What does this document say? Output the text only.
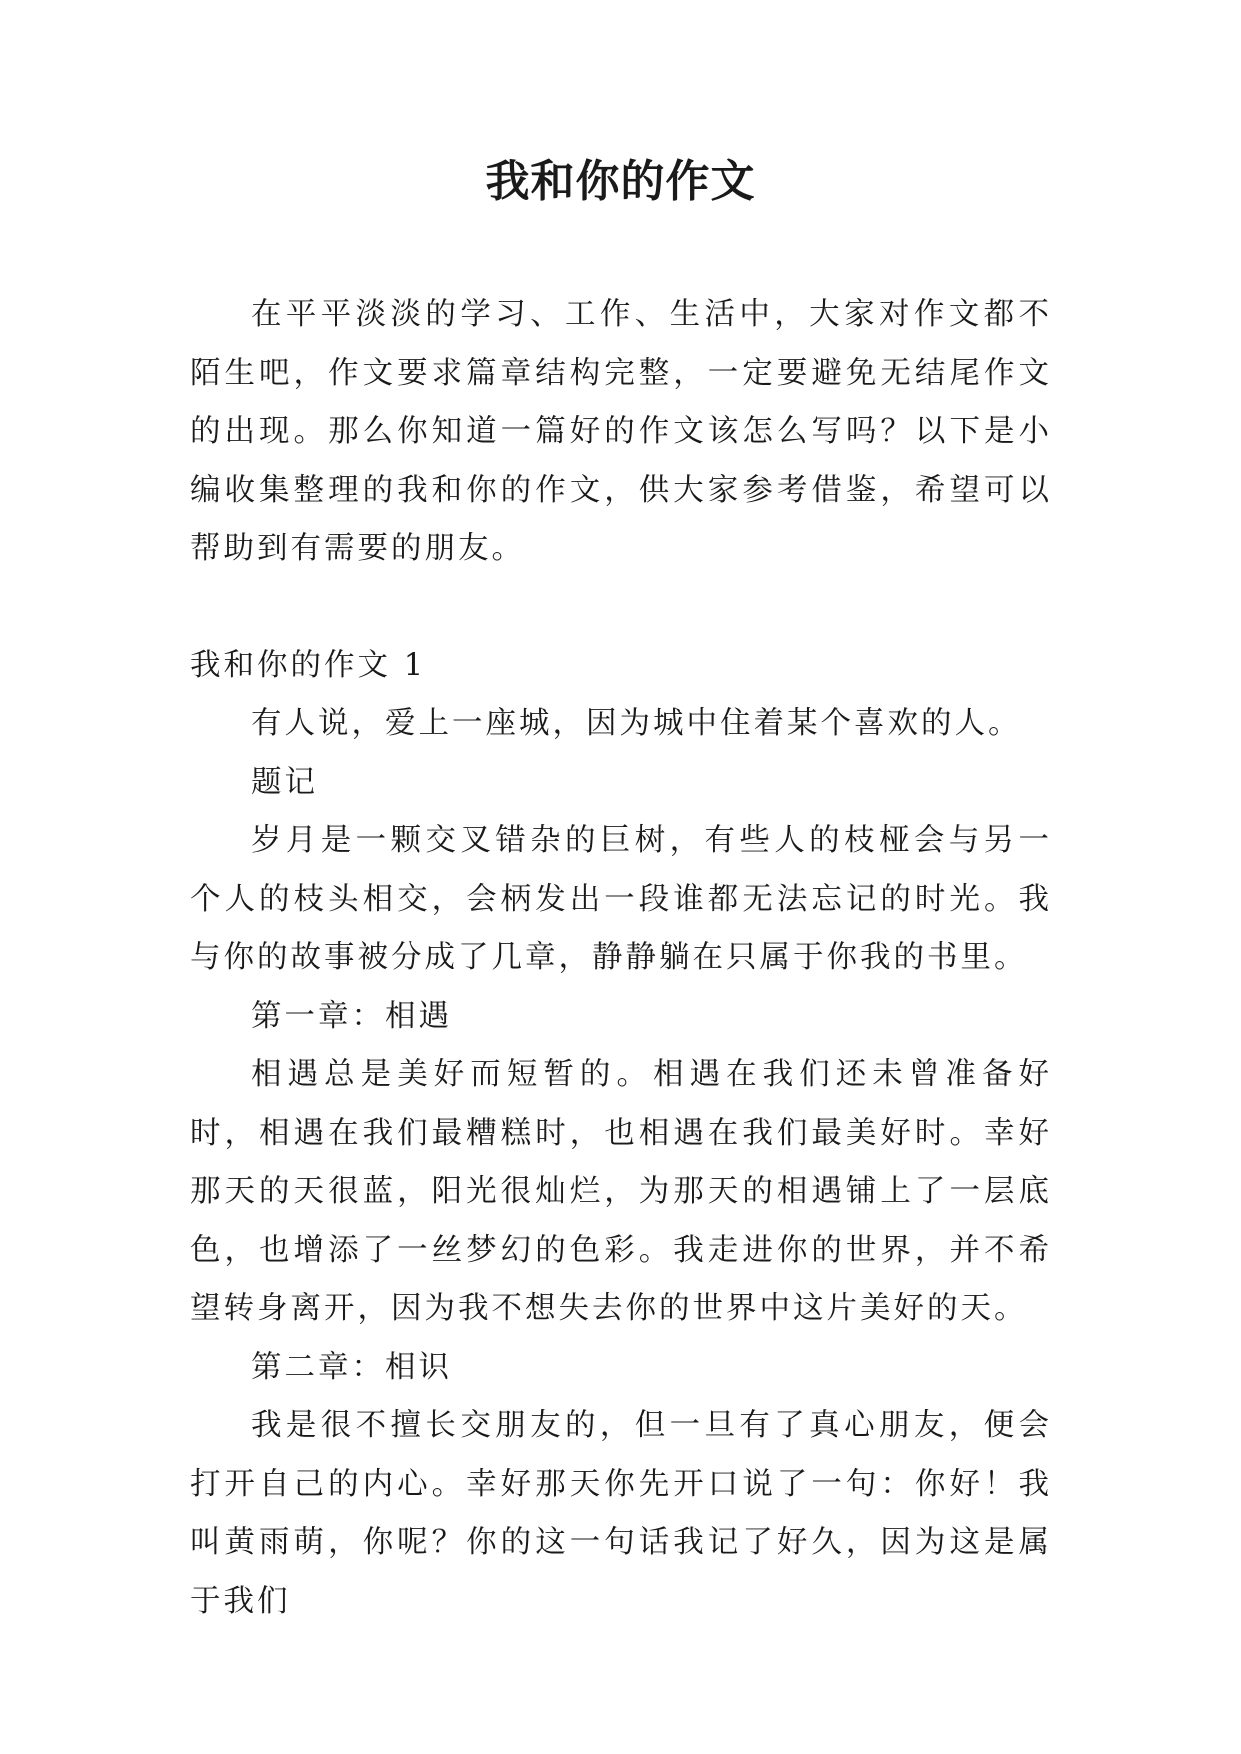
我和你的作文

在平平淡淡的学习、工作、生活中，大家对作文都不陌生吧，作文要求篇章结构完整，一定要避免无结尾作文的出现。那么你知道一篇好的作文该怎么写吗？以下是小编收集整理的我和你的作文，供大家参考借鉴，希望可以帮助到有需要的朋友。

我和你的作文 1

有人说，爱上一座城，因为城中住着某个喜欢的人。

题记

岁月是一颗交叉错杂的巨树，有些人的枝桠会与另一个人的枝头相交，会柄发出一段谁都无法忘记的时光。我与你的故事被分成了几章，静静躺在只属于你我的书里。

第一章：相遇

相遇总是美好而短暂的。相遇在我们还未曾准备好时，相遇在我们最糟糕时，也相遇在我们最美好时。幸好那天的天很蓝，阳光很灿烂，为那天的相遇铺上了一层底色，也增添了一丝梦幻的色彩。我走进你的世界，并不希望转身离开，因为我不想失去你的世界中这片美好的天。

第二章：相识

我是很不擅长交朋友的，但一旦有了真心朋友，便会打开自己的内心。幸好那天你先开口说了一句：你好！我叫黄雨萌，你呢？你的这一句话我记了好久，因为这是属于我们
